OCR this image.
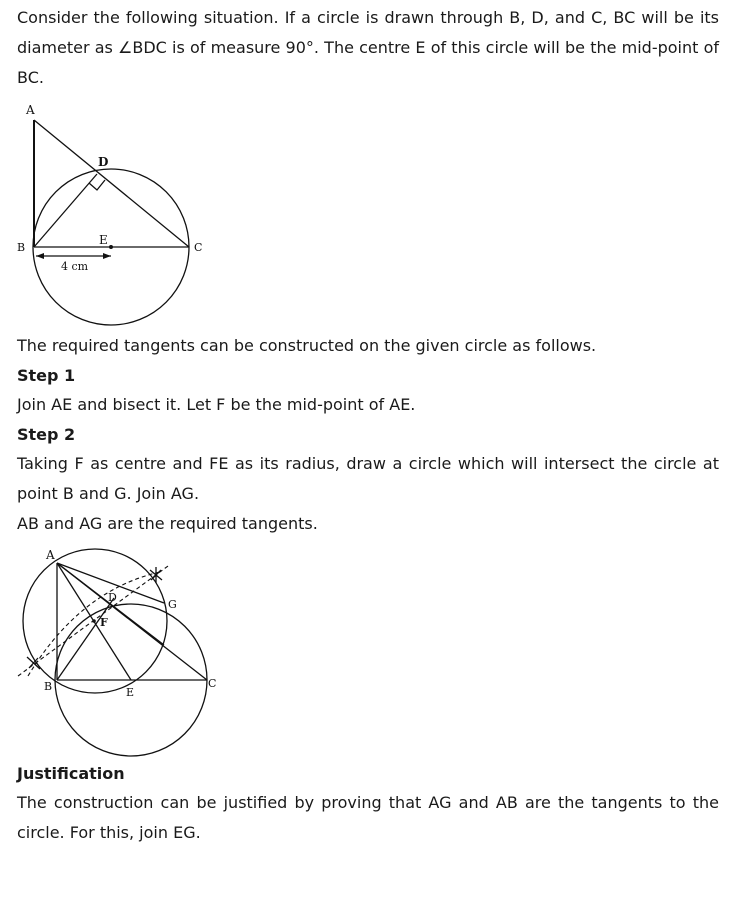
Consider the following situation. If a circle is drawn through B, D, and C, BC will be its diameter as ∠BDC is of measure 90°. The centre E of this circle will be the mid-point of BC.

A
B	C
D
E
4 cm

The required tangents can be constructed on the given circle as follows.

Step 1

Join AE and bisect it. Let F be the mid-point of AE.

Step 2

Taking F as centre and FE as its radius, draw a circle which will intersect the circle at point B and G. Join AG.

AB and AG are the required tangents.

A
B	C
D
E
F
G

Justification

The construction can be justified by proving that AG and AB are the tangents to the circle. For this, join EG.
